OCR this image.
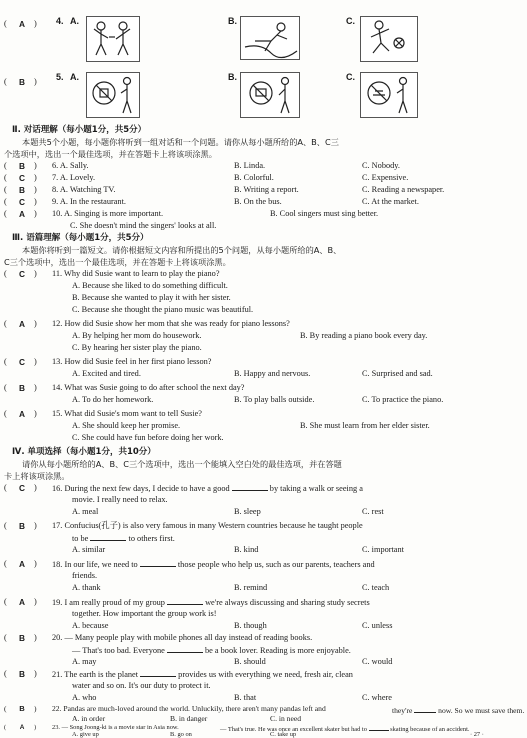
(	A	) 4. A.	B.	C.
(	B	) 5. A.	B.	C.
Ⅱ. 对话理解（每小题1分，共5分）
本题共5个小题，每小题你将听到一组对话和一个问题。请你从每小题所给的A、B、C三
个选项中，选出一个最佳选项，并在答题卡上将该项涂黑。
(	B	) 6. A. Sally.	B. Linda.	C. Nobody.
(	C	) 7. A. Lovely.	B. Colorful.	C. Expensive.
(	B	) 8. A. Watching TV.	B. Writing a report.	C. Reading a newspaper.
(	C	) 9. A. In the restaurant.	B. On the bus.	C. At the market.
(	A	) 10. A. Singing is more important.	B. Cool singers must sing better.
C. She doesn't mind the singers' looks at all.
Ⅲ. 语篇理解（每小题1分，共5分）
本题你将听到一篇短文。请你根据短文内容和所提出的5个问题，从每小题所给的A、B、
C三个选项中，选出一个最佳选项，并在答题卡上将该项涂黑。
(	C	) 11. Why did Susie want to learn to play the piano?
A. Because she liked to do something difficult.
B. Because she wanted to play it with her sister.
C. Because she thought the piano music was beautiful.
(	A	) 12. How did Susie show her mom that she was ready for piano lessons?
A. By helping her mom do housework.	B. By reading a piano book every day.
C. By hearing her sister play the piano.
(	C	) 13. How did Susie feel in her first piano lesson?
A. Excited and tired.	B. Happy and nervous.	C. Surprised and sad.
(	B	) 14. What was Susie going to do after school the next day?
A. To do her homework.	B. To play balls outside.	C. To practice the piano.
(	A	) 15. What did Susie's mom want to tell Susie?
A. She should keep her promise.	B. She must learn from her elder sister.
C. She could have fun before doing her work.
Ⅳ. 单项选择（每小题1分，共10分）
请你从每小题所给的A、B、C三个选项中，选出一个能填入空白处的最佳选项，并在答题
卡上将该项涂黑。
(	C	) 16. During the next few days, I decide to have a good	by taking a walk or seeing a
movie. I really need to relax.
A. meal	B. sleep	C. rest
(	B	) 17. Confucius(孔子) is also very famous in many Western countries because he taught people
to be	to others first.
A. similar	B. kind	C. important
(	A	) 18. In our life, we need to	those people who help us, such as our parents, teachers and
friends.
A. thank	B. remind	C. teach
(	A	) 19. I am really proud of my group	we're always discussing and sharing study secrets
together. How important the group work is!
A. because	B. though	C. unless
(	B	) 20. — Many people play with mobile phones all day instead of reading books.
— That's too bad. Everyone	be a book lover. Reading is more enjoyable.
A. may	B. should	C. would
(	B	) 21. The earth is the planet	provides us with everything we need, fresh air, clean
water and so on. It's our duty to protect it.
A. who	B. that	C. where
(	B	) 22. Pandas are much-loved around the world. Unluckily, there aren't many pandas left and	they're	now. So we must save them.
A. in order	B. in danger	C. in need
(	A	) 23. — Song Joong-ki is a movie star in Asia now.	— That's true. He was once an excellent skater but had to	skating because of an accident.
A. give up	B. go on	C. take up	· 27 ·
